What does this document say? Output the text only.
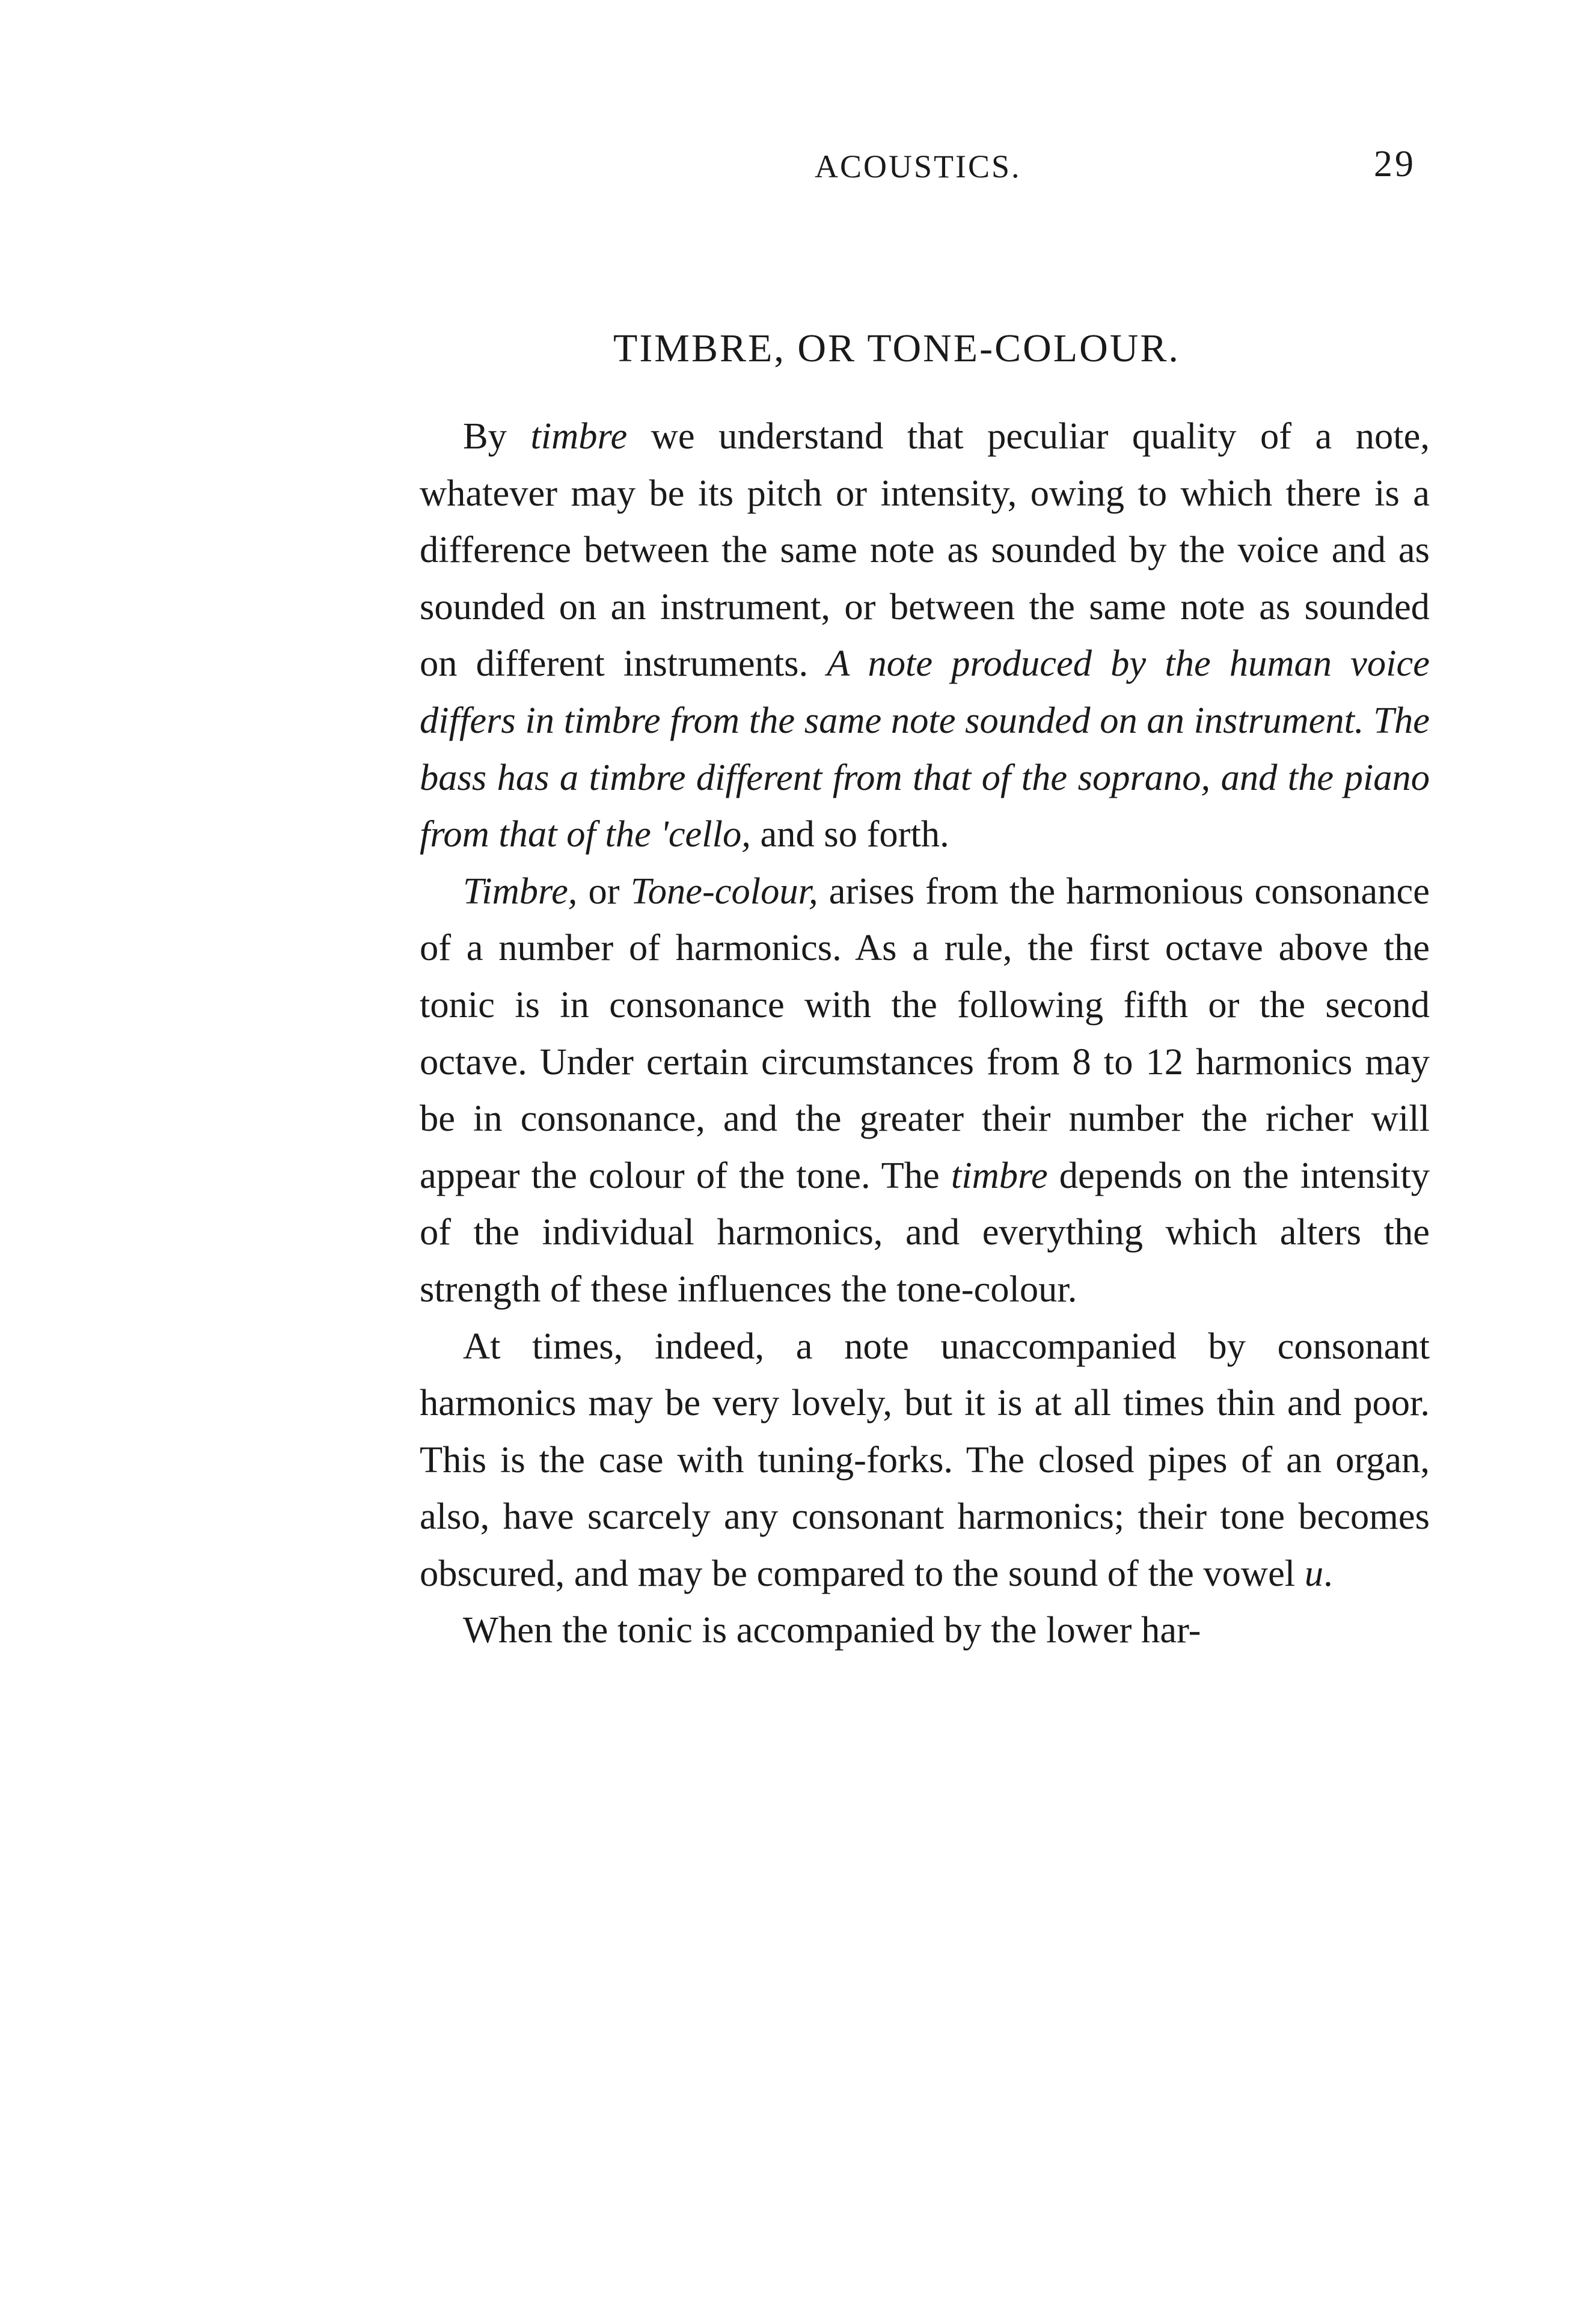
ACOUSTICS.	29
TIMBRE, OR TONE-COLOUR.

By timbre we understand that peculiar quality of a note, whatever may be its pitch or intensity, owing to which there is a difference between the same note as sounded by the voice and as sounded on an instrument, or between the same note as sounded on different instruments. A note produced by the human voice differs in timbre from the same note sounded on an instrument. The bass has a timbre different from that of the soprano, and the piano from that of the 'cello, and so forth.

Timbre, or Tone-colour, arises from the harmonious consonance of a number of harmonics. As a rule, the first octave above the tonic is in consonance with the following fifth or the second octave. Under certain circumstances from 8 to 12 harmonics may be in consonance, and the greater their number the richer will appear the colour of the tone. The timbre depends on the intensity of the individual harmonics, and everything which alters the strength of these influences the tone-colour.

At times, indeed, a note unaccompanied by consonant harmonics may be very lovely, but it is at all times thin and poor. This is the case with tuning-forks. The closed pipes of an organ, also, have scarcely any consonant harmonics; their tone becomes obscured, and may be compared to the sound of the vowel u.

When the tonic is accompanied by the lower har-
